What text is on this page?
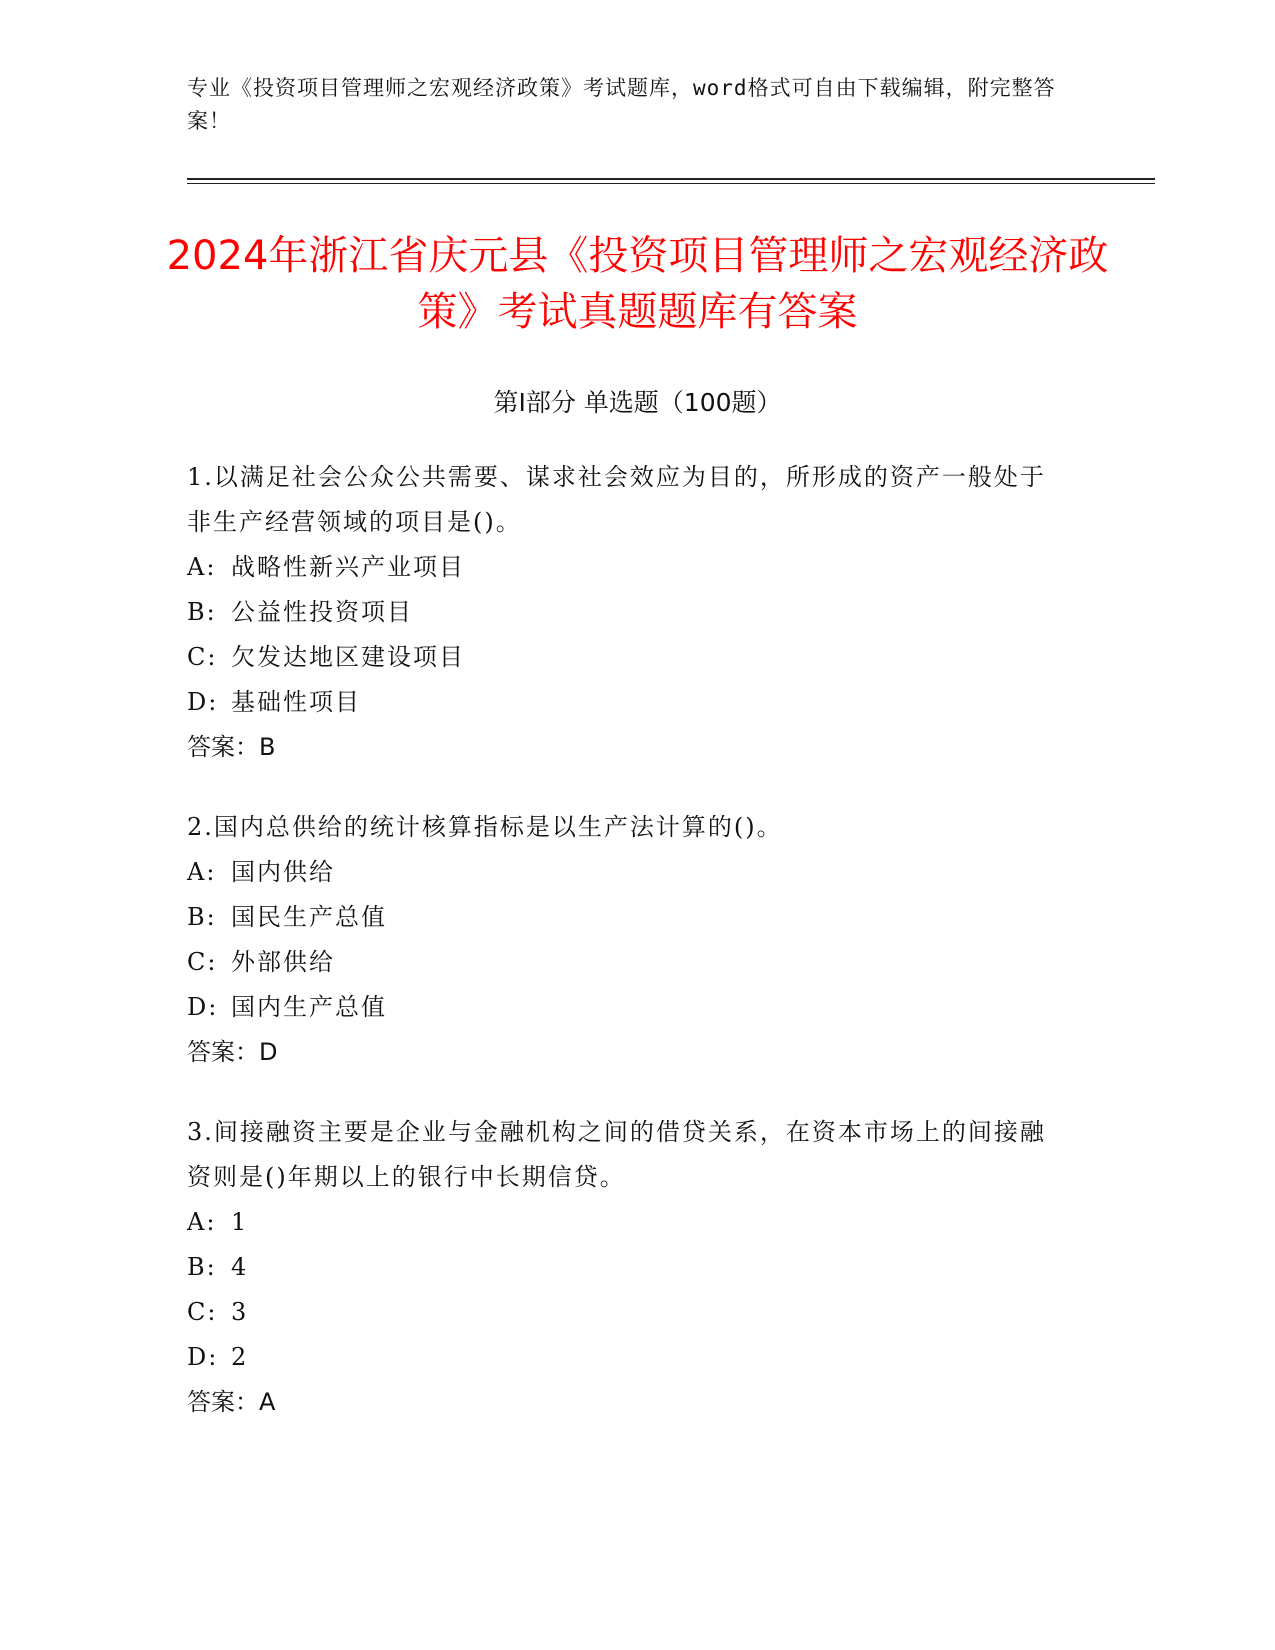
专业《投资项目管理师之宏观经济政策》考试题库，word格式可自由下载编辑，附完整答案！
2024年浙江省庆元县《投资项目管理师之宏观经济政策》考试真题题库有答案
第I部分 单选题（100题）
1.以满足社会公众公共需要、谋求社会效应为目的，所形成的资产一般处于非生产经营领域的项目是()。
A: 战略性新兴产业项目
B: 公益性投资项目
C: 欠发达地区建设项目
D: 基础性项目
答案：B
2.国内总供给的统计核算指标是以生产法计算的()。
A: 国内供给
B: 国民生产总值
C: 外部供给
D: 国内生产总值
答案：D
3.间接融资主要是企业与金融机构之间的借贷关系，在资本市场上的间接融资则是()年期以上的银行中长期信贷。
A: 1
B: 4
C: 3
D: 2
答案：A
